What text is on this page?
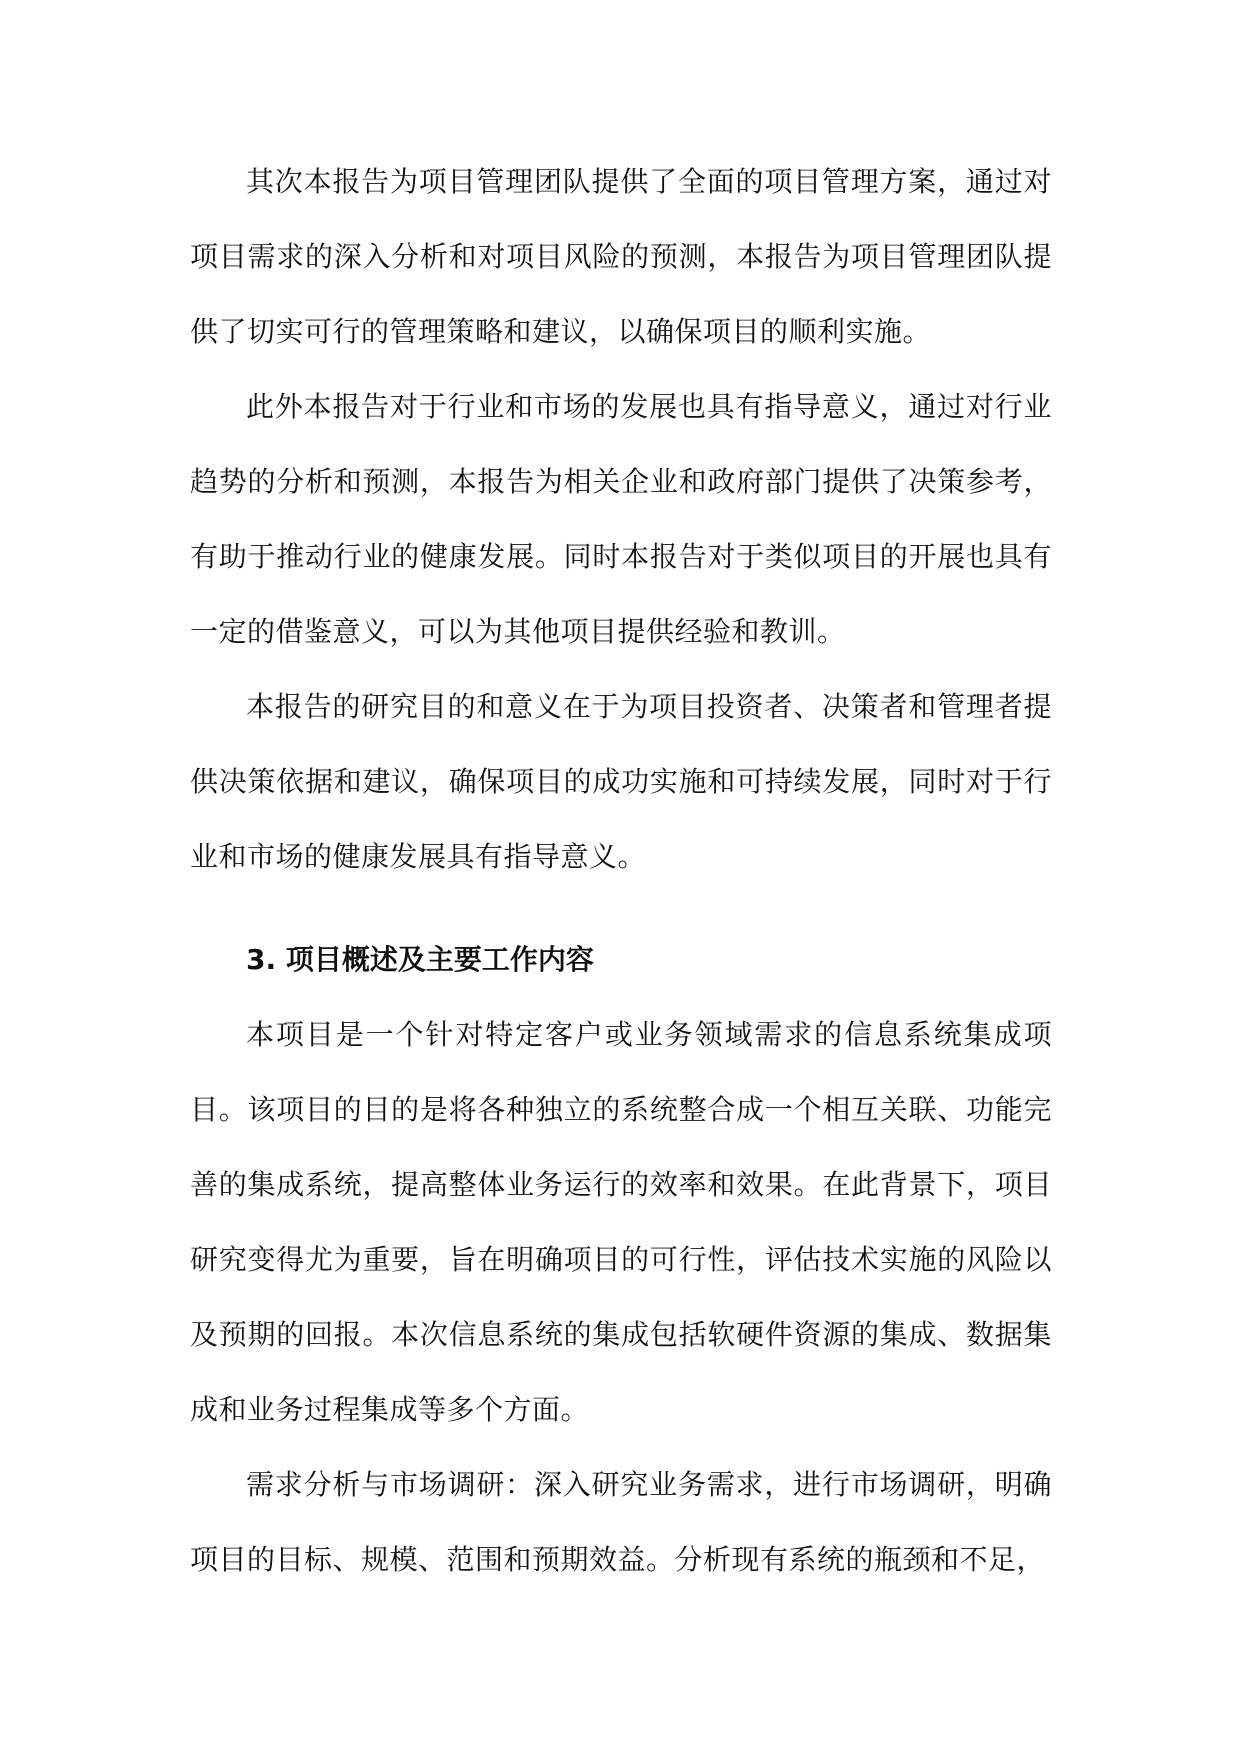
其次本报告为项目管理团队提供了全面的项目管理方案，通过对项目需求的深入分析和对项目风险的预测，本报告为项目管理团队提供了切实可行的管理策略和建议，以确保项目的顺利实施。

此外本报告对于行业和市场的发展也具有指导意义，通过对行业趋势的分析和预测，本报告为相关企业和政府部门提供了决策参考，有助于推动行业的健康发展。同时本报告对于类似项目的开展也具有一定的借鉴意义，可以为其他项目提供经验和教训。

本报告的研究目的和意义在于为项目投资者、决策者和管理者提供决策依据和建议，确保项目的成功实施和可持续发展，同时对于行业和市场的健康发展具有指导意义。

3. 项目概述及主要工作内容

本项目是一个针对特定客户或业务领域需求的信息系统集成项目。该项目的目的是将各种独立的系统整合成一个相互关联、功能完善的集成系统，提高整体业务运行的效率和效果。在此背景下，项目研究变得尤为重要，旨在明确项目的可行性，评估技术实施的风险以及预期的回报。本次信息系统的集成包括软硬件资源的集成、数据集成和业务过程集成等多个方面。

需求分析与市场调研：深入研究业务需求，进行市场调研，明确项目的目标、规模、范围和预期效益。分析现有系统的瓶颈和不足，
